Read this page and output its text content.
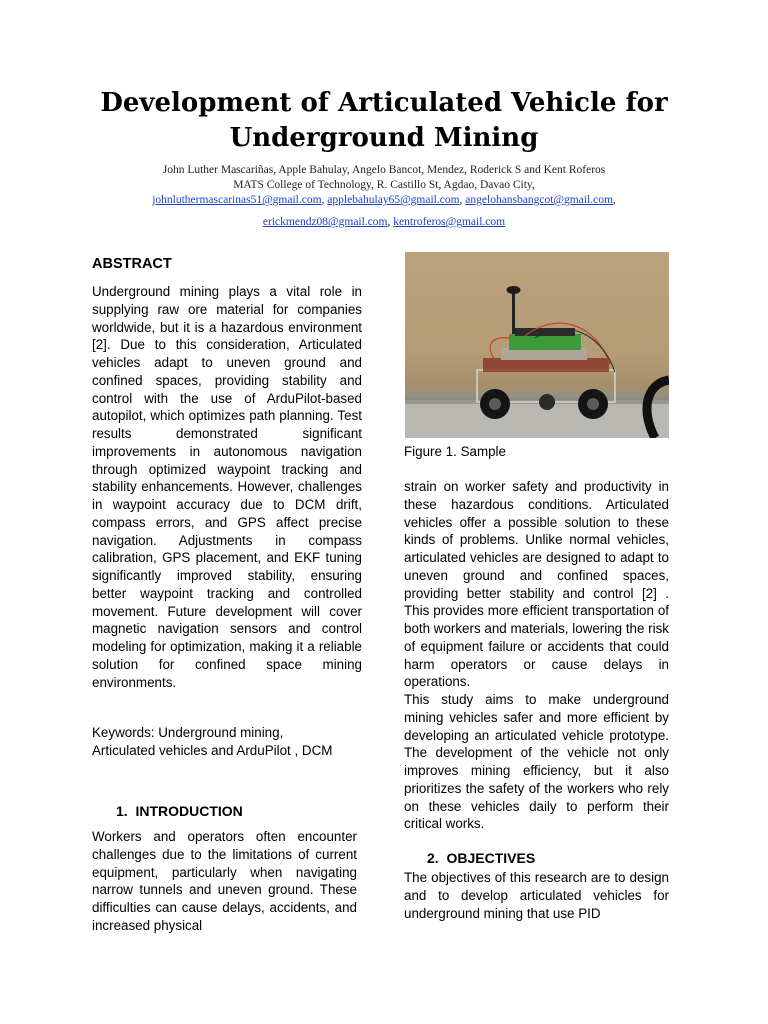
Development of Articulated Vehicle for
Underground Mining
John Luther Mascariñas, Apple Bahulay, Angelo Bancot, Mendez, Roderick S and Kent Roferos
MATS College of Technology, R. Castillo St, Agdao, Davao City,
johnluthermascarinas51@gmail.com, applebahulay65@gmail.com, angelohansbangcot@gmail.com,
erickmendz08@gmail.com, kentroferos@gmail.com
ABSTRACT

Underground mining plays a vital role in supplying raw ore material for companies worldwide, but it is a hazardous environment [2]. Due to this consideration, Articulated vehicles adapt to uneven ground and confined spaces, providing stability and control with the use of ArduPilot-based autopilot, which optimizes path planning. Test results demonstrated significant improvements in autonomous navigation through optimized waypoint tracking and stability enhancements. However, challenges in waypoint accuracy due to DCM drift, compass errors, and GPS affect precise navigation. Adjustments in compass calibration, GPS placement, and EKF tuning significantly improved stability, ensuring better waypoint tracking and controlled movement. Future development will cover magnetic navigation sensors and control modeling for optimization, making it a reliable solution for confined space mining environments.

Keywords: Underground mining,
Articulated vehicles and ArduPilot , DCM
1. INTRODUCTION

Workers and operators often encounter challenges due to the limitations of current equipment, particularly when navigating narrow tunnels and uneven ground. These difficulties can cause delays, accidents, and increased physical

Figure 1. Sample

strain on worker safety and productivity in these hazardous conditions. Articulated vehicles offer a possible solution to these kinds of problems. Unlike normal vehicles, articulated vehicles are designed to adapt to uneven ground and confined spaces, providing better stability and control [2] . This provides more efficient transportation of both workers and materials, lowering the risk of equipment failure or accidents that could harm operators or cause delays in operations.

This study aims to make underground mining vehicles safer and more efficient by developing an articulated vehicle prototype. The development of the vehicle not only improves mining efficiency, but it also prioritizes the safety of the workers who rely on these vehicles daily to perform their critical works.

2. OBJECTIVES

The objectives of this research are to design and to develop articulated vehicles for underground mining that use PID
